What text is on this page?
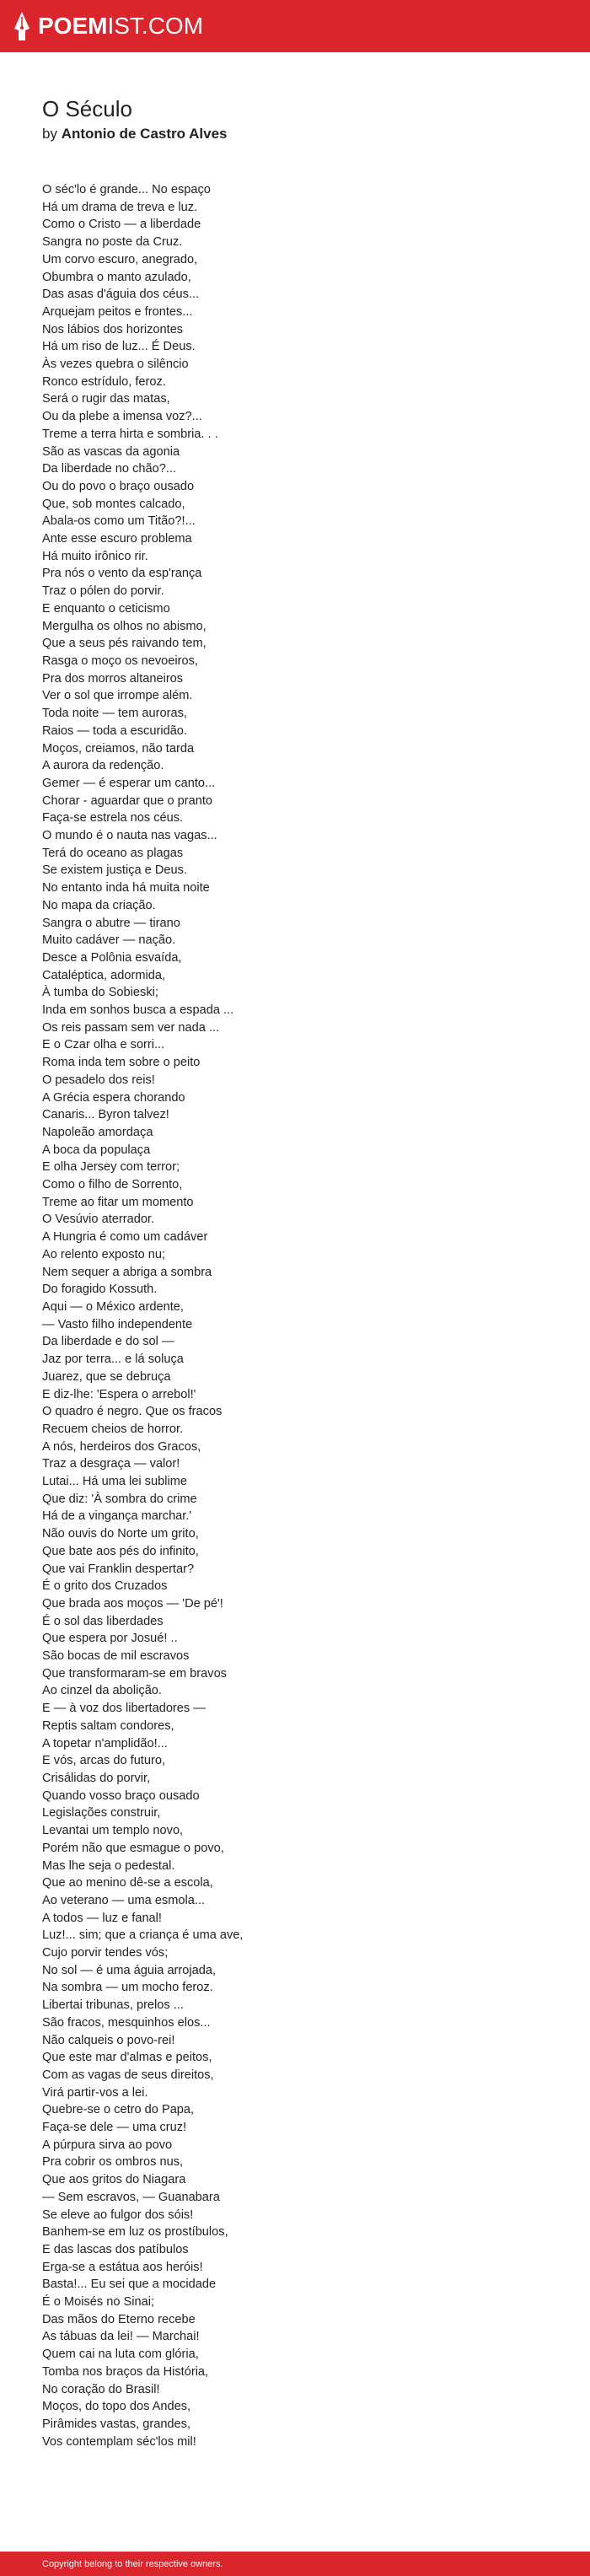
POEMIST.COM
O Século
by Antonio de Castro Alves
O séc'lo é grande... No espaço
Há um drama de treva e luz.
Como o Cristo — a liberdade
Sangra no poste da Cruz.
Um corvo escuro, anegrado,
Obumbra o manto azulado,
Das asas d'águia dos céus...
Arquejam peitos e frontes...
Nos lábios dos horizontes
Há um riso de luz... É Deus.
Às vezes quebra o silêncio
Ronco estrídulo, feroz.
Será o rugir das matas,
Ou da plebe a imensa voz?...
Treme a terra hirta e sombria. . .
São as vascas da agonia
Da liberdade no chão?...
Ou do povo o braço ousado
Que, sob montes calcado,
Abala-os como um Titão?!...
Ante esse escuro problema
Há muito irônico rir.
Pra nós o vento da esp'rança
Traz o pólen do porvir.
E enquanto o ceticismo
Mergulha os olhos no abismo,
Que a seus pés raivando tem,
Rasga o moço os nevoeiros,
Pra dos morros altaneiros
Ver o sol que irrompe além.
Toda noite — tem auroras,
Raios — toda a escuridão.
Moços, creiamos, não tarda
A aurora da redenção.
Gemer — é esperar um canto...
Chorar - aguardar que o pranto
Faça-se estrela nos céus.
O mundo é o nauta nas vagas...
Terá do oceano as plagas
Se existem justiça e Deus.
No entanto inda há muita noite
No mapa da criação.
Sangra o abutre — tirano
Muito cadáver — nação.
Desce a Polônia esvaída,
Cataléptica, adormida,
À tumba do Sobieski;
Inda em sonhos busca a espada ...
Os reis passam sem ver nada ...
E o Czar olha e sorri...
Roma inda tem sobre o peito
O pesadelo dos reis!
A Grécia espera chorando
Canaris... Byron talvez!
Napoleão amordaça
A boca da populaça
E olha Jersey com terror;
Como o filho de Sorrento,
Treme ao fitar um momento
O Vesúvio aterrador.
A Hungria é como um cadáver
Ao relento exposto nu;
Nem sequer a abriga a sombra
Do foragido Kossuth.
Aqui — o México ardente,
— Vasto filho independente
Da liberdade e do sol —
Jaz por terra... e lá soluça
Juarez, que se debruça
E diz-lhe: 'Espera o arrebol!'
O quadro é negro. Que os fracos
Recuem cheios de horror.
A nós, herdeiros dos Gracos,
Traz a desgraça — valor!
Lutai... Há uma lei sublime
Que diz: 'À sombra do crime
Há de a vingança marchar.'
Não ouvis do Norte um grito,
Que bate aos pés do infinito,
Que vai Franklin despertar?
É o grito dos Cruzados
Que brada aos moços — 'De pé'!
É o sol das liberdades
Que espera por Josué! ..
São bocas de mil escravos
Que transformaram-se em bravos
Ao cinzel da abolição.
E — à voz dos libertadores —
Reptis saltam condores,
A topetar n'amplidão!...
E vós, arcas do futuro,
Crisálidas do porvir,
Quando vosso braço ousado
Legislações construir,
Levantai um templo novo,
Porém não que esmague o povo,
Mas lhe seja o pedestal.
Que ao menino dê-se a escola,
Ao veterano — uma esmola...
A todos — luz e fanal!
Luz!... sim; que a criança é uma ave,
Cujo porvir tendes vós;
No sol — é uma águia arrojada,
Na sombra — um mocho feroz.
Libertai tribunas, prelos ...
São fracos, mesquinhos elos...
Não calqueis o povo-rei!
Que este mar d'almas e peitos,
Com as vagas de seus direitos,
Virá partir-vos a lei.
Quebre-se o cetro do Papa,
Faça-se dele — uma cruz!
A púrpura sirva ao povo
Pra cobrir os ombros nus,
Que aos gritos do Niagara
— Sem escravos, — Guanabara
Se eleve ao fulgor dos sóis!
Banhem-se em luz os prostíbulos,
E das lascas dos patíbulos
Erga-se a estátua aos heróis!
Basta!... Eu sei que a mocidade
É o Moisés no Sinai;
Das mãos do Eterno recebe
As tábuas da lei! — Marchai!
Quem cai na luta com glória,
Tomba nos braços da História,
No coração do Brasil!
Moços, do topo dos Andes,
Pirâmides vastas, grandes,
Vos contemplam séc'los mil!
Copyright belong to their respective owners.
